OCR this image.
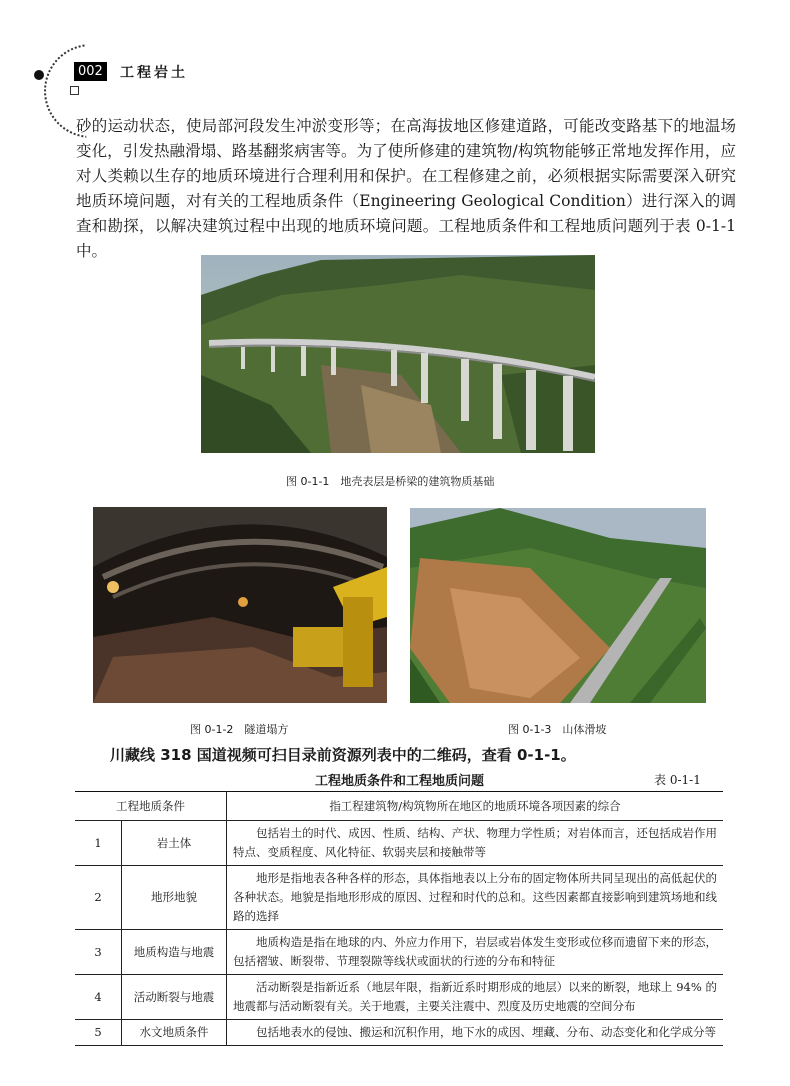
002 工程岩土
砂的运动状态，使局部河段发生冲淤变形等；在高海拔地区修建道路，可能改变路基下的地温场变化，引发热融滑塌、路基翻浆病害等。为了使所修建的建筑物/构筑物能够正常地发挥作用，应对人类赖以生存的地质环境进行合理利用和保护。在工程修建之前，必须根据实际需要深入研究地质环境问题，对有关的工程地质条件（Engineering Geological Condition）进行深入的调查和勘探，以解决建筑过程中出现的地质环境问题。工程地质条件和工程地质问题列于表 0-1-1 中。
图 0-1-1　地壳表层是桥梁的建筑物质基础
图 0-1-2　隧道塌方	图 0-1-3　山体滑坡
川藏线 318 国道视频可扫目录前资源列表中的二维码，查看 0-1-1。
工程地质条件和工程地质问题	表 0-1-1
工程地质条件		指工程建筑物/构筑物所在地区的地质环境各项因素的综合
1	岩土体	包括岩土的时代、成因、性质、结构、产状、物理力学性质；对岩体而言，还包括成岩作用特点、变质程度、风化特征、软弱夹层和接触带等
2	地形地貌	地形是指地表各种各样的形态，具体指地表以上分布的固定物体所共同呈现出的高低起伏的各种状态。地貌是指地形形成的原因、过程和时代的总和。这些因素都直接影响到建筑场地和线路的选择
3	地质构造与地震	地质构造是指在地球的内、外应力作用下，岩层或岩体发生变形或位移而遗留下来的形态，包括褶皱、断裂带、节理裂隙等线状或面状的行迹的分布和特征
4	活动断裂与地震	活动断裂是指新近系（地层年限，指新近系时期形成的地层）以来的断裂，地球上 94% 的地震都与活动断裂有关。关于地震，主要关注震中、烈度及历史地震的空间分布
5	水文地质条件	包括地表水的侵蚀、搬运和沉积作用，地下水的成因、埋藏、分布、动态变化和化学成分等
